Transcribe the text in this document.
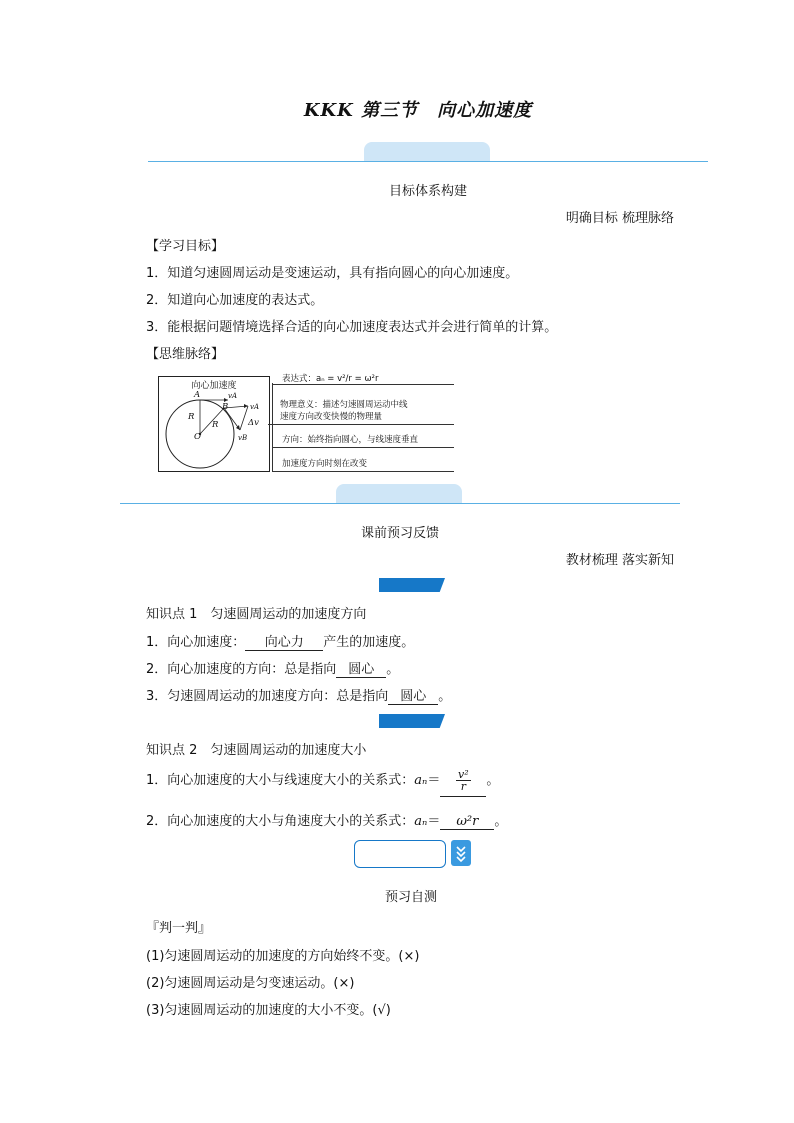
KKK 第三节　向心加速度
目标体系构建
明确目标 梳理脉络
【学习目标】
1．知道匀速圆周运动是变速运动，具有指向圆心的向心加速度。
2．知道向心加速度的表达式。
3．能根据问题情境选择合适的向心加速度表达式并会进行简单的计算。
【思维脉络】
向心加速度
A
B
O
R
R
vA
vA
vB
Δv
表达式：aₙ = v²/r = ω²r
物理意义：描述匀速圆周运动中线
速度方向改变快慢的物理量
方向：始终指向圆心，与线速度垂直
加速度方向时刻在改变
课前预习反馈
教材梳理 落实新知
知识点 1　匀速圆周运动的加速度方向
1．向心加速度： 向心力 产生的加速度。
2．向心加速度的方向：总是指向 圆心 。
3．匀速圆周运动的加速度方向：总是指向 圆心 。
知识点 2　匀速圆周运动的加速度大小
1．向心加速度的大小与线速度大小的关系式：$a_n= \frac{\text{v²}}{r}$ 。
2．向心加速度的大小与角速度大小的关系式：aₙ＝ ω²r 。
预习自测
『判一判』
(1)匀速圆周运动的加速度的方向始终不变。(×)
(2)匀速圆周运动是匀变速运动。(×)
(3)匀速圆周运动的加速度的大小不变。(√)
